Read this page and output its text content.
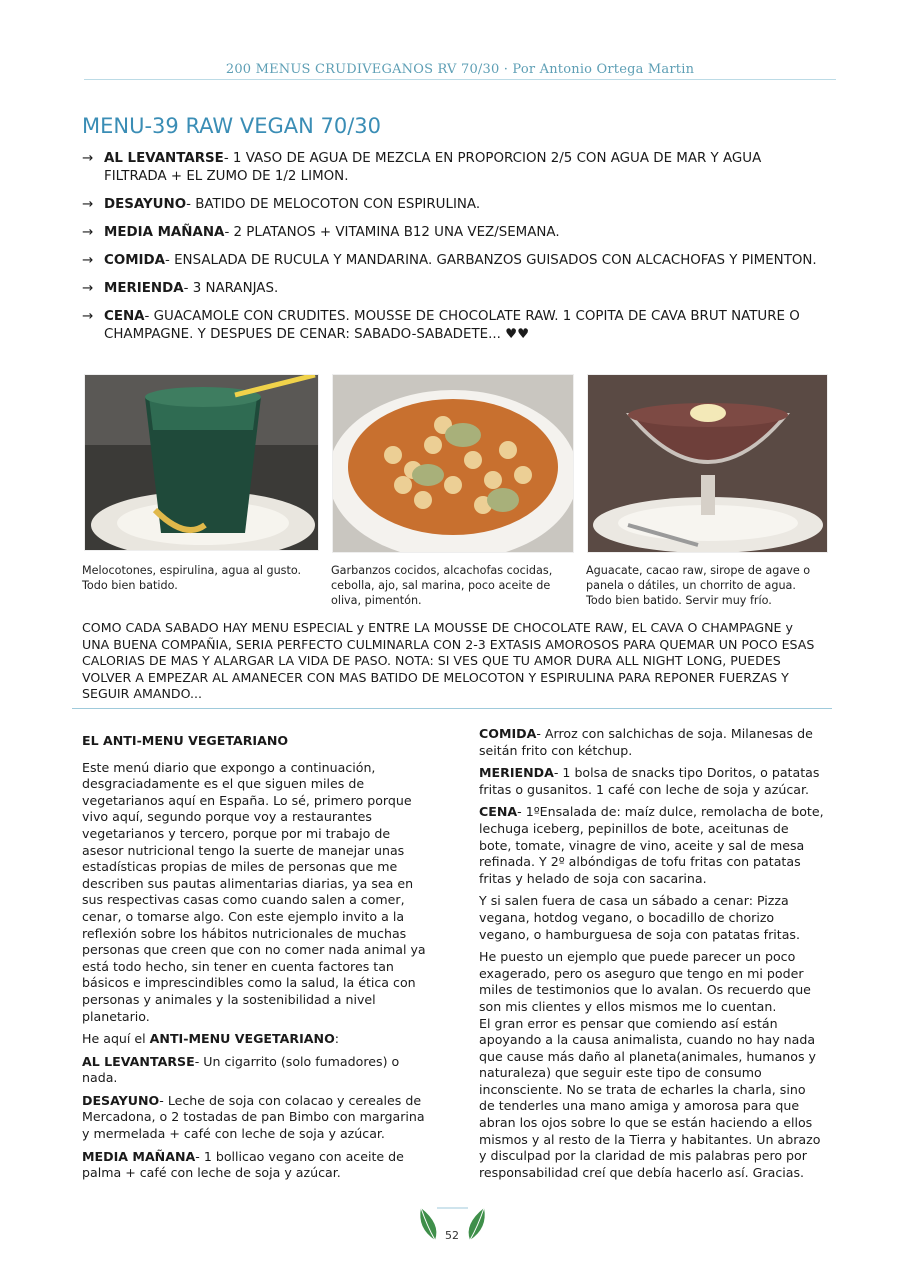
200 MENUS CRUDIVEGANOS RV 70/30 · Por Antonio Ortega Martin
MENU-39 RAW VEGAN 70/30
→ AL LEVANTARSE- 1 VASO DE AGUA DE MEZCLA EN PROPORCION 2/5 CON AGUA DE MAR Y AGUA FILTRADA + EL ZUMO DE 1/2 LIMON.
→ DESAYUNO- BATIDO DE MELOCOTON CON ESPIRULINA.
→ MEDIA MAÑANA- 2 PLATANOS + VITAMINA B12 UNA VEZ/SEMANA.
→ COMIDA- ENSALADA DE RUCULA Y MANDARINA. GARBANZOS GUISADOS CON ALCACHOFAS Y PIMENTON.
→ MERIENDA- 3 NARANJAS.
→ CENA- GUACAMOLE CON CRUDITES. MOUSSE DE CHOCOLATE RAW. 1 COPITA DE CAVA BRUT NATURE O CHAMPAGNE. Y DESPUES DE CENAR: SABADO-SABADETE... ♥♥
Melocotones, espirulina, agua al gusto. Todo bien batido.
Garbanzos cocidos, alcachofas cocidas, cebolla, ajo, sal marina, poco aceite de oliva, pimentón.
Aguacate, cacao raw, sirope de agave o panela o dátiles, un chorrito de agua. Todo bien batido. Servir muy frío.
COMO CADA SABADO HAY MENU ESPECIAL y ENTRE LA MOUSSE DE CHOCOLATE RAW, EL CAVA O CHAMPAGNE y UNA BUENA COMPAÑIA, SERIA PERFECTO CULMINARLA CON 2-3 EXTASIS AMOROSOS PARA QUEMAR UN POCO ESAS CALORIAS DE MAS Y ALARGAR LA VIDA DE PASO. NOTA: SI VES QUE TU AMOR DURA ALL NIGHT LONG, PUEDES VOLVER A EMPEZAR AL AMANECER CON MAS BATIDO DE MELOCOTON Y ESPIRULINA PARA REPONER FUERZAS Y SEGUIR AMANDO...

EL ANTI-MENU VEGETARIANO

Este menú diario que expongo a continuación, desgraciadamente es el que siguen miles de vegetarianos aquí en España. Lo sé, primero porque vivo aquí, segundo porque voy a restaurantes vegetarianos y tercero, porque por mi trabajo de asesor nutricional tengo la suerte de manejar unas estadísticas propias de miles de personas que me describen sus pautas alimentarias diarias, ya sea en sus respectivas casas como cuando salen a comer, cenar, o tomarse algo. Con este ejemplo invito a la reflexión sobre los hábitos nutricionales de muchas personas que creen que con no comer nada animal ya está todo hecho, sin tener en cuenta factores tan básicos e imprescindibles como la salud, la ética con personas y animales y la sostenibilidad a nivel planetario.

He aquí el ANTI-MENU VEGETARIANO:

AL LEVANTARSE- Un cigarrito (solo fumadores) o nada.

DESAYUNO- Leche de soja con colacao y cereales de Mercadona, o 2 tostadas de pan Bimbo con margarina y mermelada + café con leche de soja y azúcar.

MEDIA MAÑANA- 1 bollicao vegano con aceite de palma + café con leche de soja y azúcar.

COMIDA- Arroz con salchichas de soja. Milanesas de seitán frito con kétchup.

MERIENDA- 1 bolsa de snacks tipo Doritos, o patatas fritas o gusanitos. 1 café con leche de soja y azúcar.

CENA- 1ºEnsalada de: maíz dulce, remolacha de bote, lechuga iceberg, pepinillos de bote, aceitunas de bote, tomate, vinagre de vino, aceite y sal de mesa refinada. Y 2º albóndigas de tofu fritas con patatas fritas y helado de soja con sacarina.

Y si salen fuera de casa un sábado a cenar: Pizza vegana, hotdog vegano, o bocadillo de chorizo vegano, o hamburguesa de soja con patatas fritas.

He puesto un ejemplo que puede parecer un poco exagerado, pero os aseguro que tengo en mi poder miles de testimonios que lo avalan. Os recuerdo que son mis clientes y ellos mismos me lo cuentan.
El gran error es pensar que comiendo así están apoyando a la causa animalista, cuando no hay nada que cause más daño al planeta(animales, humanos y naturaleza) que seguir este tipo de consumo inconsciente. No se trata de echarles la charla, sino de tenderles una mano amiga y amorosa para que abran los ojos sobre lo que se están haciendo a ellos mismos y al resto de la Tierra y habitantes. Un abrazo y disculpad por la claridad de mis palabras pero por responsabilidad creí que debía hacerlo así. Gracias.

52
